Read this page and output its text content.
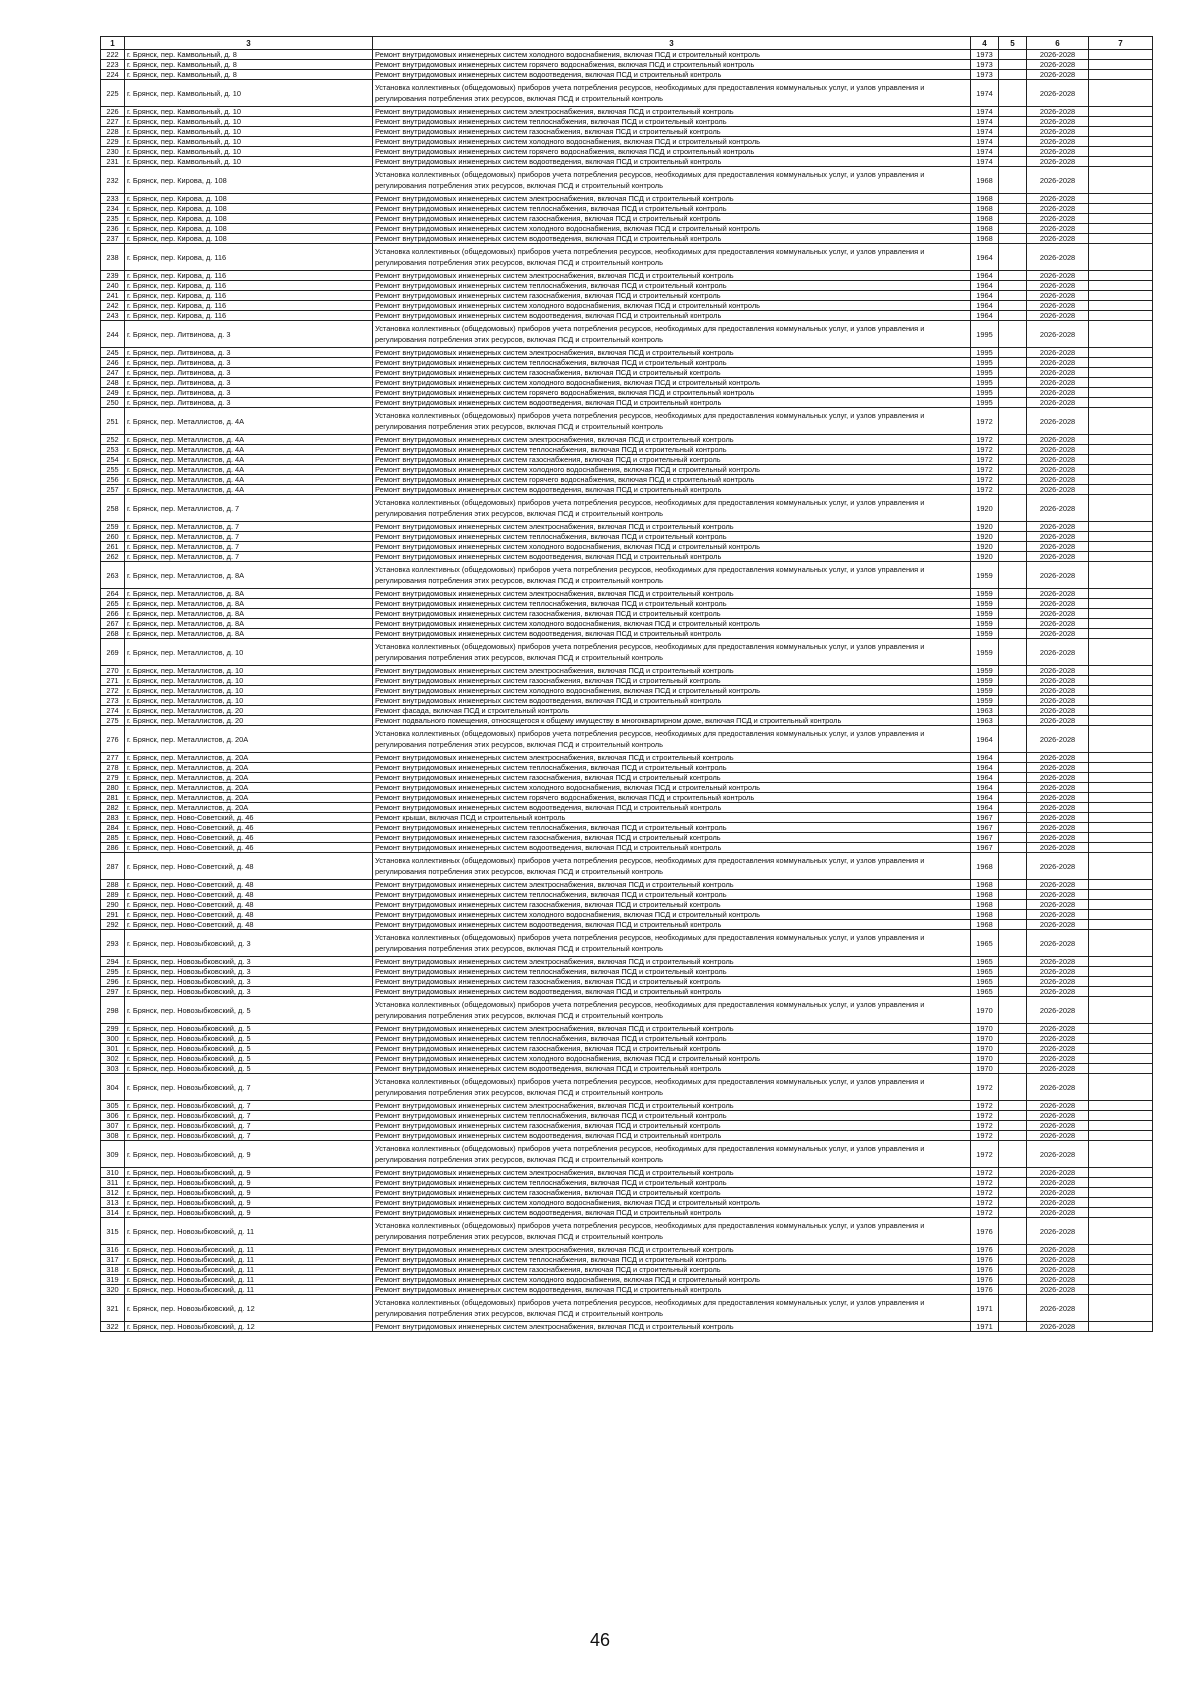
1	3	3	4	5	6	7
222	г. Брянск, пер. Камвольный, д. 8	Ремонт внутридомовых инженерных систем холодного водоснабжения, включая ПСД и строительный контроль	1973		2026-2028	
223	г. Брянск, пер. Камвольный, д. 8	Ремонт внутридомовых инженерных систем горячего водоснабжения, включая ПСД и строительный контроль	1973		2026-2028	
224	г. Брянск, пер. Камвольный, д. 8	Ремонт внутридомовых инженерных систем водоотведения, включая ПСД и строительный контроль	1973		2026-2028	
225	г. Брянск, пер. Камвольный, д. 10	Установка коллективных (общедомовых) приборов учета потребления ресурсов, необходимых для предоставления коммунальных услуг, и узлов управления и регулирования потребления этих ресурсов, включая ПСД и строительный контроль	1974		2026-2028	
226	г. Брянск, пер. Камвольный, д. 10	Ремонт внутридомовых инженерных систем электроснабжения, включая ПСД и строительный контроль	1974		2026-2028	
227	г. Брянск, пер. Камвольный, д. 10	Ремонт внутридомовых инженерных систем теплоснабжения, включая ПСД и строительный контроль	1974		2026-2028	
228	г. Брянск, пер. Камвольный, д. 10	Ремонт внутридомовых инженерных систем газоснабжения, включая ПСД и строительный контроль	1974		2026-2028	
229	г. Брянск, пер. Камвольный, д. 10	Ремонт внутридомовых инженерных систем холодного водоснабжения, включая ПСД и строительный контроль	1974		2026-2028	
230	г. Брянск, пер. Камвольный, д. 10	Ремонт внутридомовых инженерных систем горячего водоснабжения, включая ПСД и строительный контроль	1974		2026-2028	
231	г. Брянск, пер. Камвольный, д. 10	Ремонт внутридомовых инженерных систем водоотведения, включая ПСД и строительный контроль	1974		2026-2028	
232	г. Брянск, пер. Кирова, д. 108	Установка коллективных (общедомовых) приборов учета потребления ресурсов, необходимых для предоставления коммунальных услуг, и узлов управления и регулирования потребления этих ресурсов, включая ПСД и строительный контроль	1968		2026-2028	
233	г. Брянск, пер. Кирова, д. 108	Ремонт внутридомовых инженерных систем электроснабжения, включая ПСД и строительный контроль	1968		2026-2028	
234	г. Брянск, пер. Кирова, д. 108	Ремонт внутридомовых инженерных систем теплоснабжения, включая ПСД и строительный контроль	1968		2026-2028	
235	г. Брянск, пер. Кирова, д. 108	Ремонт внутридомовых инженерных систем газоснабжения, включая ПСД и строительный контроль	1968		2026-2028	
236	г. Брянск, пер. Кирова, д. 108	Ремонт внутридомовых инженерных систем холодного водоснабжения, включая ПСД и строительный контроль	1968		2026-2028	
237	г. Брянск, пер. Кирова, д. 108	Ремонт внутридомовых инженерных систем водоотведения, включая ПСД и строительный контроль	1968		2026-2028	
238	г. Брянск, пер. Кирова, д. 116	Установка коллективных (общедомовых) приборов учета потребления ресурсов, необходимых для предоставления коммунальных услуг, и узлов управления и регулирования потребления этих ресурсов, включая ПСД и строительный контроль	1964		2026-2028	
239	г. Брянск, пер. Кирова, д. 116	Ремонт внутридомовых инженерных систем электроснабжения, включая ПСД и строительный контроль	1964		2026-2028	
240	г. Брянск, пер. Кирова, д. 116	Ремонт внутридомовых инженерных систем теплоснабжения, включая ПСД и строительный контроль	1964		2026-2028	
241	г. Брянск, пер. Кирова, д. 116	Ремонт внутридомовых инженерных систем газоснабжения, включая ПСД и строительный контроль	1964		2026-2028	
242	г. Брянск, пер. Кирова, д. 116	Ремонт внутридомовых инженерных систем холодного водоснабжения, включая ПСД и строительный контроль	1964		2026-2028	
243	г. Брянск, пер. Кирова, д. 116	Ремонт внутридомовых инженерных систем водоотведения, включая ПСД и строительный контроль	1964		2026-2028	
244	г. Брянск, пер. Литвинова, д. 3	Установка коллективных (общедомовых) приборов учета потребления ресурсов, необходимых для предоставления коммунальных услуг, и узлов управления и регулирования потребления этих ресурсов, включая ПСД и строительный контроль	1995		2026-2028	
245	г. Брянск, пер. Литвинова, д. 3	Ремонт внутридомовых инженерных систем электроснабжения, включая ПСД и строительный контроль	1995		2026-2028	
246	г. Брянск, пер. Литвинова, д. 3	Ремонт внутридомовых инженерных систем теплоснабжения, включая ПСД и строительный контроль	1995		2026-2028	
247	г. Брянск, пер. Литвинова, д. 3	Ремонт внутридомовых инженерных систем газоснабжения, включая ПСД и строительный контроль	1995		2026-2028	
248	г. Брянск, пер. Литвинова, д. 3	Ремонт внутридомовых инженерных систем холодного водоснабжения, включая ПСД и строительный контроль	1995		2026-2028	
249	г. Брянск, пер. Литвинова, д. 3	Ремонт внутридомовых инженерных систем горячего водоснабжения, включая ПСД и строительный контроль	1995		2026-2028	
250	г. Брянск, пер. Литвинова, д. 3	Ремонт внутридомовых инженерных систем водоотведения, включая ПСД и строительный контроль	1995		2026-2028	
251	г. Брянск, пер. Металлистов, д. 4А	Установка коллективных (общедомовых) приборов учета потребления ресурсов, необходимых для предоставления коммунальных услуг, и узлов управления и регулирования потребления этих ресурсов, включая ПСД и строительный контроль	1972		2026-2028	
252	г. Брянск, пер. Металлистов, д. 4А	Ремонт внутридомовых инженерных систем электроснабжения, включая ПСД и строительный контроль	1972		2026-2028	
253	г. Брянск, пер. Металлистов, д. 4А	Ремонт внутридомовых инженерных систем теплоснабжения, включая ПСД и строительный контроль	1972		2026-2028	
254	г. Брянск, пер. Металлистов, д. 4А	Ремонт внутридомовых инженерных систем газоснабжения, включая ПСД и строительный контроль	1972		2026-2028	
255	г. Брянск, пер. Металлистов, д. 4А	Ремонт внутридомовых инженерных систем холодного водоснабжения, включая ПСД и строительный контроль	1972		2026-2028	
256	г. Брянск, пер. Металлистов, д. 4А	Ремонт внутридомовых инженерных систем горячего водоснабжения, включая ПСД и строительный контроль	1972		2026-2028	
257	г. Брянск, пер. Металлистов, д. 4А	Ремонт внутридомовых инженерных систем водоотведения, включая ПСД и строительный контроль	1972		2026-2028	
258	г. Брянск, пер. Металлистов, д. 7	Установка коллективных (общедомовых) приборов учета потребления ресурсов, необходимых для предоставления коммунальных услуг, и узлов управления и регулирования потребления этих ресурсов, включая ПСД и строительный контроль	1920		2026-2028	
259	г. Брянск, пер. Металлистов, д. 7	Ремонт внутридомовых инженерных систем электроснабжения, включая ПСД и строительный контроль	1920		2026-2028	
260	г. Брянск, пер. Металлистов, д. 7	Ремонт внутридомовых инженерных систем теплоснабжения, включая ПСД и строительный контроль	1920		2026-2028	
261	г. Брянск, пер. Металлистов, д. 7	Ремонт внутридомовых инженерных систем холодного водоснабжения, включая ПСД и строительный контроль	1920		2026-2028	
262	г. Брянск, пер. Металлистов, д. 7	Ремонт внутридомовых инженерных систем водоотведения, включая ПСД и строительный контроль	1920		2026-2028	
263	г. Брянск, пер. Металлистов, д. 8А	Установка коллективных (общедомовых) приборов учета потребления ресурсов, необходимых для предоставления коммунальных услуг, и узлов управления и регулирования потребления этих ресурсов, включая ПСД и строительный контроль	1959		2026-2028	
264	г. Брянск, пер. Металлистов, д. 8А	Ремонт внутридомовых инженерных систем электроснабжения, включая ПСД и строительный контроль	1959		2026-2028	
265	г. Брянск, пер. Металлистов, д. 8А	Ремонт внутридомовых инженерных систем теплоснабжения, включая ПСД и строительный контроль	1959		2026-2028	
266	г. Брянск, пер. Металлистов, д. 8А	Ремонт внутридомовых инженерных систем газоснабжения, включая ПСД и строительный контроль	1959		2026-2028	
267	г. Брянск, пер. Металлистов, д. 8А	Ремонт внутридомовых инженерных систем холодного водоснабжения, включая ПСД и строительный контроль	1959		2026-2028	
268	г. Брянск, пер. Металлистов, д. 8А	Ремонт внутридомовых инженерных систем водоотведения, включая ПСД и строительный контроль	1959		2026-2028	
269	г. Брянск, пер. Металлистов, д. 10	Установка коллективных (общедомовых) приборов учета потребления ресурсов, необходимых для предоставления коммунальных услуг, и узлов управления и регулирования потребления этих ресурсов, включая ПСД и строительный контроль	1959		2026-2028	
270	г. Брянск, пер. Металлистов, д. 10	Ремонт внутридомовых инженерных систем электроснабжения, включая ПСД и строительный контроль	1959		2026-2028	
271	г. Брянск, пер. Металлистов, д. 10	Ремонт внутридомовых инженерных систем газоснабжения, включая ПСД и строительный контроль	1959		2026-2028	
272	г. Брянск, пер. Металлистов, д. 10	Ремонт внутридомовых инженерных систем холодного водоснабжения, включая ПСД и строительный контроль	1959		2026-2028	
273	г. Брянск, пер. Металлистов, д. 10	Ремонт внутридомовых инженерных систем водоотведения, включая ПСД и строительный контроль	1959		2026-2028	
274	г. Брянск, пер. Металлистов, д. 20	Ремонт фасада, включая ПСД и строительный контроль	1963		2026-2028	
275	г. Брянск, пер. Металлистов, д. 20	Ремонт подвального помещения, относящегося к общему имуществу в многоквартирном доме, включая ПСД и строительный контроль	1963		2026-2028	
276	г. Брянск, пер. Металлистов, д. 20А	Установка коллективных (общедомовых) приборов учета потребления ресурсов, необходимых для предоставления коммунальных услуг, и узлов управления и регулирования потребления этих ресурсов, включая ПСД и строительный контроль	1964		2026-2028	
277	г. Брянск, пер. Металлистов, д. 20А	Ремонт внутридомовых инженерных систем электроснабжения, включая ПСД и строительный контроль	1964		2026-2028	
278	г. Брянск, пер. Металлистов, д. 20А	Ремонт внутридомовых инженерных систем теплоснабжения, включая ПСД и строительный контроль	1964		2026-2028	
279	г. Брянск, пер. Металлистов, д. 20А	Ремонт внутридомовых инженерных систем газоснабжения, включая ПСД и строительный контроль	1964		2026-2028	
280	г. Брянск, пер. Металлистов, д. 20А	Ремонт внутридомовых инженерных систем холодного водоснабжения, включая ПСД и строительный контроль	1964		2026-2028	
281	г. Брянск, пер. Металлистов, д. 20А	Ремонт внутридомовых инженерных систем горячего водоснабжения, включая ПСД и строительный контроль	1964		2026-2028	
282	г. Брянск, пер. Металлистов, д. 20А	Ремонт внутридомовых инженерных систем водоотведения, включая ПСД и строительный контроль	1964		2026-2028	
283	г. Брянск, пер. Ново-Советский, д. 46	Ремонт крыши, включая ПСД и строительный контроль	1967		2026-2028	
284	г. Брянск, пер. Ново-Советский, д. 46	Ремонт внутридомовых инженерных систем теплоснабжения, включая ПСД и строительный контроль	1967		2026-2028	
285	г. Брянск, пер. Ново-Советский, д. 46	Ремонт внутридомовых инженерных систем газоснабжения, включая ПСД и строительный контроль	1967		2026-2028	
286	г. Брянск, пер. Ново-Советский, д. 46	Ремонт внутридомовых инженерных систем водоотведения, включая ПСД и строительный контроль	1967		2026-2028	
287	г. Брянск, пер. Ново-Советский, д. 48	Установка коллективных (общедомовых) приборов учета потребления ресурсов, необходимых для предоставления коммунальных услуг, и узлов управления и регулирования потребления этих ресурсов, включая ПСД и строительный контроль	1968		2026-2028	
288	г. Брянск, пер. Ново-Советский, д. 48	Ремонт внутридомовых инженерных систем электроснабжения, включая ПСД и строительный контроль	1968		2026-2028	
289	г. Брянск, пер. Ново-Советский, д. 48	Ремонт внутридомовых инженерных систем теплоснабжения, включая ПСД и строительный контроль	1968		2026-2028	
290	г. Брянск, пер. Ново-Советский, д. 48	Ремонт внутридомовых инженерных систем газоснабжения, включая ПСД и строительный контроль	1968		2026-2028	
291	г. Брянск, пер. Ново-Советский, д. 48	Ремонт внутридомовых инженерных систем холодного водоснабжения, включая ПСД и строительный контроль	1968		2026-2028	
292	г. Брянск, пер. Ново-Советский, д. 48	Ремонт внутридомовых инженерных систем водоотведения, включая ПСД и строительный контроль	1968		2026-2028	
293	г. Брянск, пер. Новозыбковский, д. 3	Установка коллективных (общедомовых) приборов учета потребления ресурсов, необходимых для предоставления коммунальных услуг, и узлов управления и регулирования потребления этих ресурсов, включая ПСД и строительный контроль	1965		2026-2028	
294	г. Брянск, пер. Новозыбковский, д. 3	Ремонт внутридомовых инженерных систем электроснабжения, включая ПСД и строительный контроль	1965		2026-2028	
295	г. Брянск, пер. Новозыбковский, д. 3	Ремонт внутридомовых инженерных систем теплоснабжения, включая ПСД и строительный контроль	1965		2026-2028	
296	г. Брянск, пер. Новозыбковский, д. 3	Ремонт внутридомовых инженерных систем газоснабжения, включая ПСД и строительный контроль	1965		2026-2028	
297	г. Брянск, пер. Новозыбковский, д. 3	Ремонт внутридомовых инженерных систем водоотведения, включая ПСД и строительный контроль	1965		2026-2028	
298	г. Брянск, пер. Новозыбковский, д. 5	Установка коллективных (общедомовых) приборов учета потребления ресурсов, необходимых для предоставления коммунальных услуг, и узлов управления и регулирования потребления этих ресурсов, включая ПСД и строительный контроль	1970		2026-2028	
299	г. Брянск, пер. Новозыбковский, д. 5	Ремонт внутридомовых инженерных систем электроснабжения, включая ПСД и строительный контроль	1970		2026-2028	
300	г. Брянск, пер. Новозыбковский, д. 5	Ремонт внутридомовых инженерных систем теплоснабжения, включая ПСД и строительный контроль	1970		2026-2028	
301	г. Брянск, пер. Новозыбковский, д. 5	Ремонт внутридомовых инженерных систем газоснабжения, включая ПСД и строительный контроль	1970		2026-2028	
302	г. Брянск, пер. Новозыбковский, д. 5	Ремонт внутридомовых инженерных систем холодного водоснабжения, включая ПСД и строительный контроль	1970		2026-2028	
303	г. Брянск, пер. Новозыбковский, д. 5	Ремонт внутридомовых инженерных систем водоотведения, включая ПСД и строительный контроль	1970		2026-2028	
304	г. Брянск, пер. Новозыбковский, д. 7	Установка коллективных (общедомовых) приборов учета потребления ресурсов, необходимых для предоставления коммунальных услуг, и узлов управления и регулирования потребления этих ресурсов, включая ПСД и строительный контроль	1972		2026-2028	
305	г. Брянск, пер. Новозыбковский, д. 7	Ремонт внутридомовых инженерных систем электроснабжения, включая ПСД и строительный контроль	1972		2026-2028	
306	г. Брянск, пер. Новозыбковский, д. 7	Ремонт внутридомовых инженерных систем теплоснабжения, включая ПСД и строительный контроль	1972		2026-2028	
307	г. Брянск, пер. Новозыбковский, д. 7	Ремонт внутридомовых инженерных систем газоснабжения, включая ПСД и строительный контроль	1972		2026-2028	
308	г. Брянск, пер. Новозыбковский, д. 7	Ремонт внутридомовых инженерных систем водоотведения, включая ПСД и строительный контроль	1972		2026-2028	
309	г. Брянск, пер. Новозыбковский, д. 9	Установка коллективных (общедомовых) приборов учета потребления ресурсов, необходимых для предоставления коммунальных услуг, и узлов управления и регулирования потребления этих ресурсов, включая ПСД и строительный контроль	1972		2026-2028	
310	г. Брянск, пер. Новозыбковский, д. 9	Ремонт внутридомовых инженерных систем электроснабжения, включая ПСД и строительный контроль	1972		2026-2028	
311	г. Брянск, пер. Новозыбковский, д. 9	Ремонт внутридомовых инженерных систем теплоснабжения, включая ПСД и строительный контроль	1972		2026-2028	
312	г. Брянск, пер. Новозыбковский, д. 9	Ремонт внутридомовых инженерных систем газоснабжения, включая ПСД и строительный контроль	1972		2026-2028	
313	г. Брянск, пер. Новозыбковский, д. 9	Ремонт внутридомовых инженерных систем холодного водоснабжения, включая ПСД и строительный контроль	1972		2026-2028	
314	г. Брянск, пер. Новозыбковский, д. 9	Ремонт внутридомовых инженерных систем водоотведения, включая ПСД и строительный контроль	1972		2026-2028	
315	г. Брянск, пер. Новозыбковский, д. 11	Установка коллективных (общедомовых) приборов учета потребления ресурсов, необходимых для предоставления коммунальных услуг, и узлов управления и регулирования потребления этих ресурсов, включая ПСД и строительный контроль	1976		2026-2028	
316	г. Брянск, пер. Новозыбковский, д. 11	Ремонт внутридомовых инженерных систем электроснабжения, включая ПСД и строительный контроль	1976		2026-2028	
317	г. Брянск, пер. Новозыбковский, д. 11	Ремонт внутридомовых инженерных систем теплоснабжения, включая ПСД и строительный контроль	1976		2026-2028	
318	г. Брянск, пер. Новозыбковский, д. 11	Ремонт внутридомовых инженерных систем газоснабжения, включая ПСД и строительный контроль	1976		2026-2028	
319	г. Брянск, пер. Новозыбковский, д. 11	Ремонт внутридомовых инженерных систем холодного водоснабжения, включая ПСД и строительный контроль	1976		2026-2028	
320	г. Брянск, пер. Новозыбковский, д. 11	Ремонт внутридомовых инженерных систем водоотведения, включая ПСД и строительный контроль	1976		2026-2028	
321	г. Брянск, пер. Новозыбковский, д. 12	Установка коллективных (общедомовых) приборов учета потребления ресурсов, необходимых для предоставления коммунальных услуг, и узлов управления и регулирования потребления этих ресурсов, включая ПСД и строительный контроль	1971		2026-2028	
322	г. Брянск, пер. Новозыбковский, д. 12	Ремонт внутридомовых инженерных систем электроснабжения, включая ПСД и строительный контроль	1971		2026-2028	
46
